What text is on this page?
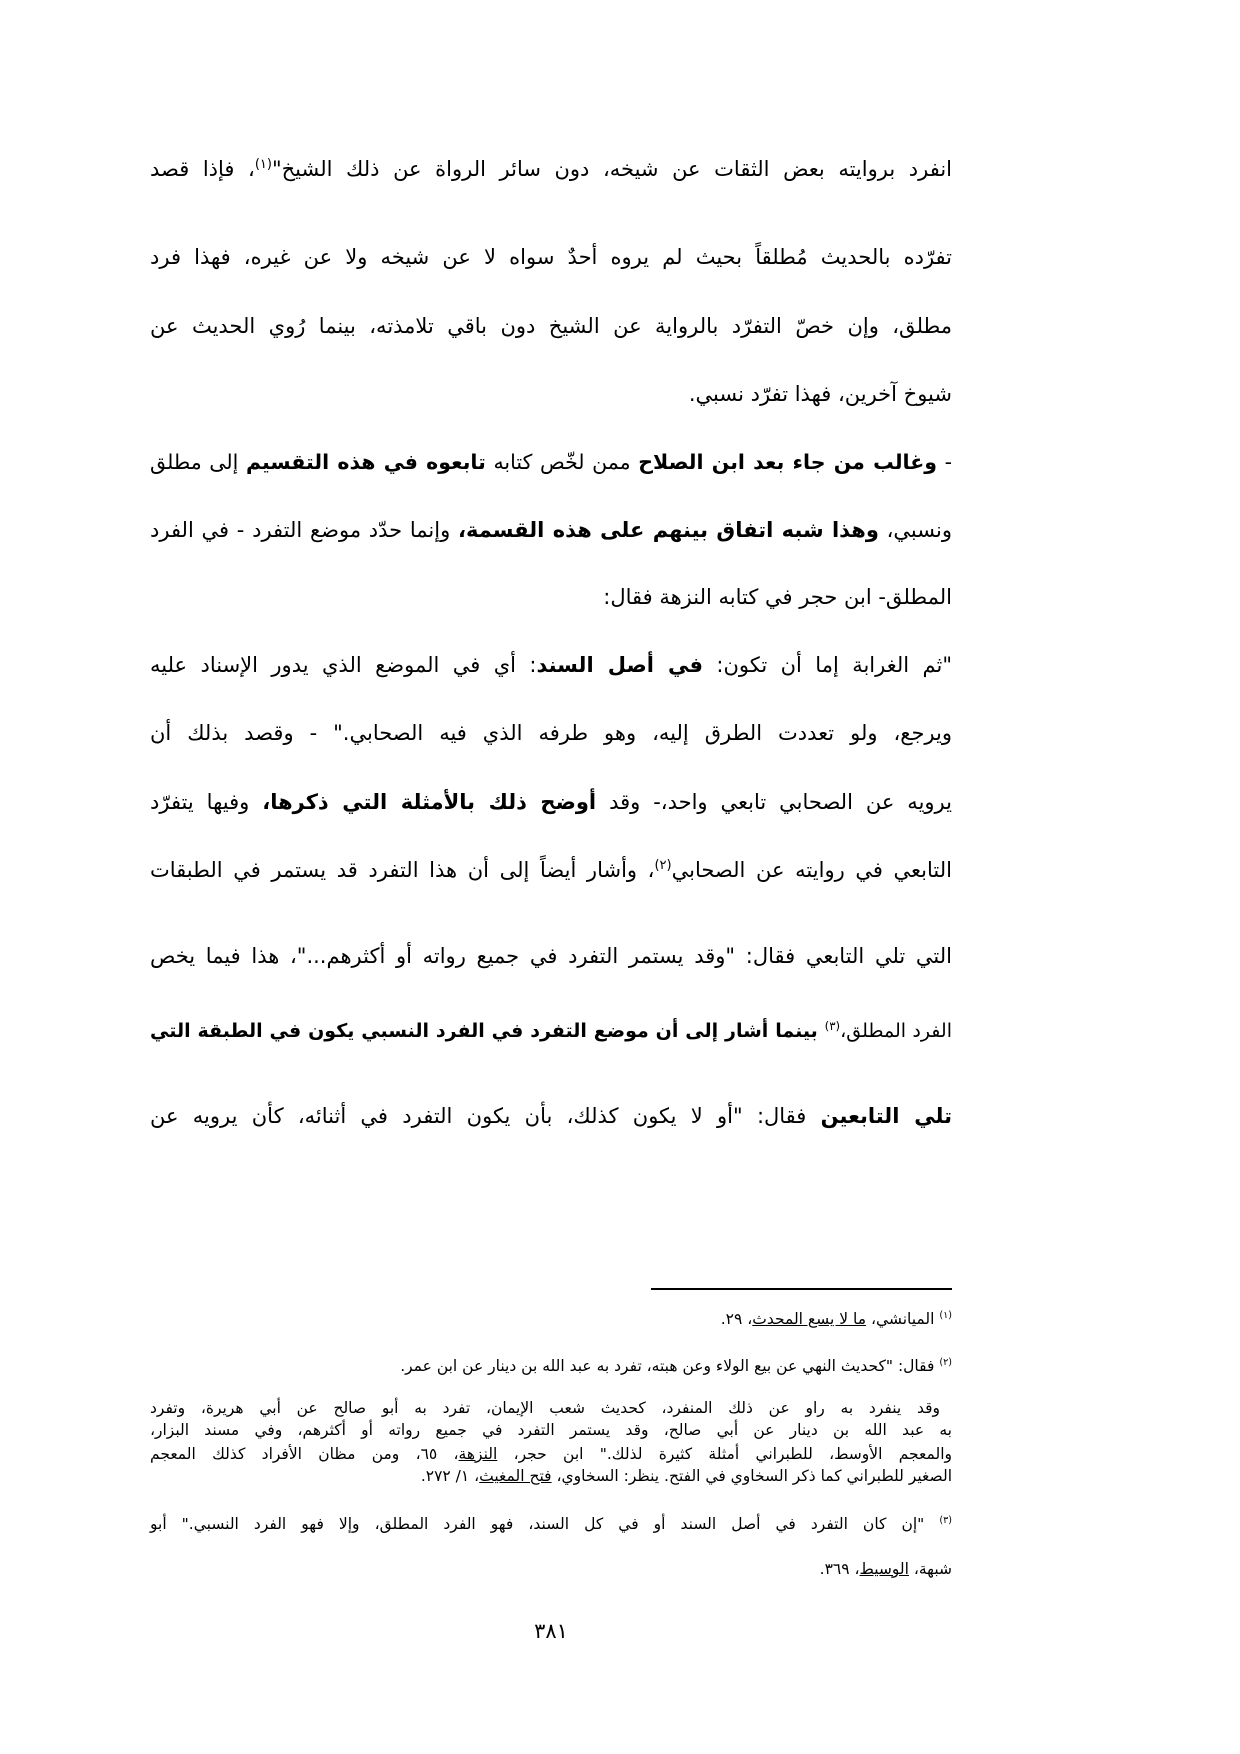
انفرد بروايته بعض الثقات عن شيخه، دون سائر الرواة عن ذلك الشيخ"$^{(١)}$، فإذا قصد
تفرّده بالحديث مُطلقاً بحيث لم يروه أحدٌ سواه لا عن شيخه ولا عن غيره، فهذا فرد
مطلق، وإن خصّ التفرّد بالرواية عن الشيخ دون باقي تلامذته، بينما رُوي الحديث عن
شيوخ آخرين، فهذا تفرّد نسبي.
- وغالب من جاء بعد ابن الصلاح ممن لخّص كتابه تابعوه في هذه التقسيم إلى مطلق
ونسبي، وهذا شبه اتفاق بينهم على هذه القسمة، وإنما حدّد موضع التفرد - في الفرد
المطلق- ابن حجر في كتابه النزهة فقال:
"ثم الغرابة إما أن تكون: في أصل السند: أي في الموضع الذي يدور الإسناد عليه
ويرجع، ولو تعددت الطرق إليه، وهو طرفه الذي فيه الصحابي." - وقصد بذلك أن
يرويه عن الصحابي تابعي واحد،- وقد أوضح ذلك بالأمثلة التي ذكرها، وفيها يتفرّد
التابعي في روايته عن الصحابي$^{(٢)}$، وأشار أيضاً إلى أن هذا التفرد قد يستمر في الطبقات
التي تلي التابعي فقال: "وقد يستمر التفرد في جميع رواته أو أكثرهم..."، هذا فيما يخص
الفرد المطلق،$^{(٣)}$ بينما أشار إلى أن موضع التفرد في الفرد النسبي يكون في الطبقة التي
تلي التابعين فقال: "أو لا يكون كذلك، بأن يكون التفرد في أثنائه، كأن يرويه عن
$^{(١)}$ الميانشي، ما لا يسع المحدث، ٢٩.
$^{(٢)}$ فقال: "كحديث النهي عن بيع الولاء وعن هبته، تفرد به عبد الله بن دينار عن ابن عمر.
وقد ينفرد به راو عن ذلك المنفرد، كحديث شعب الإيمان، تفرد به أبو صالح عن أبي هريرة، وتفرد
به عبد الله بن دينار عن أبي صالح، وقد يستمر التفرد في جميع رواته أو أكثرهم، وفي مسند البزار،
والمعجم الأوسط، للطبراني أمثلة كثيرة لذلك." ابن حجر، النزهة، ٦٥، ومن مظان الأفراد كذلك المعجم
الصغير للطبراني كما ذكر السخاوي في الفتح. ينظر: السخاوي، فتح المغيث، ١/ ٢٧٢.
$^{(٣)}$ "إن كان التفرد في أصل السند أو في كل السند، فهو الفرد المطلق، وإلا فهو الفرد النسبي." أبو
شبهة، الوسيط، ٣٦٩.
٣٨١
